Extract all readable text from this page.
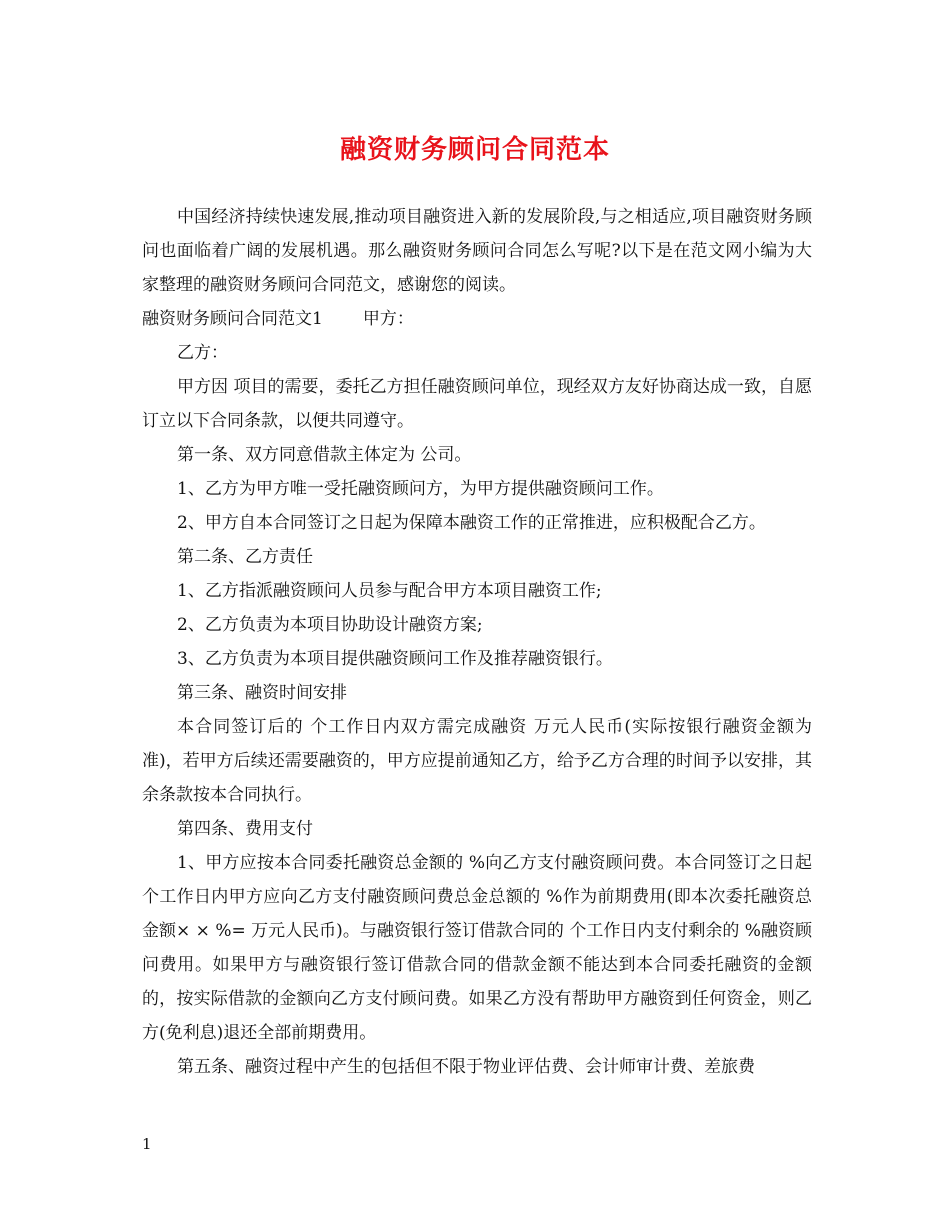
融资财务顾问合同范本

中国经济持续快速发展,推动项目融资进入新的发展阶段,与之相适应,项目融资财务顾问也面临着广阔的发展机遇。那么融资财务顾问合同怎么写呢?以下是在范文网小编为大家整理的融资财务顾问合同范文，感谢您的阅读。

融资财务顾问合同范文1 甲方：

乙方：

甲方因 项目的需要，委托乙方担任融资顾问单位，现经双方友好协商达成一致，自愿订立以下合同条款，以便共同遵守。

第一条、双方同意借款主体定为 公司。

1、乙方为甲方唯一受托融资顾问方，为甲方提供融资顾问工作。

2、甲方自本合同签订之日起为保障本融资工作的正常推进，应积极配合乙方。

第二条、乙方责任

1、乙方指派融资顾问人员参与配合甲方本项目融资工作;

2、乙方负责为本项目协助设计融资方案;

3、乙方负责为本项目提供融资顾问工作及推荐融资银行。

第三条、融资时间安排

本合同签订后的 个工作日内双方需完成融资 万元人民币(实际按银行融资金额为准)，若甲方后续还需要融资的，甲方应提前通知乙方，给予乙方合理的时间予以安排，其余条款按本合同执行。

第四条、费用支付

1、甲方应按本合同委托融资总金额的 %向乙方支付融资顾问费。本合同签订之日起 个工作日内甲方应向乙方支付融资顾问费总金总额的 %作为前期费用(即本次委托融资总金额× × %= 万元人民币)。与融资银行签订借款合同的 个工作日内支付剩余的 %融资顾问费用。如果甲方与融资银行签订借款合同的借款金额不能达到本合同委托融资的金额的，按实际借款的金额向乙方支付顾问费。如果乙方没有帮助甲方融资到任何资金，则乙方(免利息)退还全部前期费用。

第五条、融资过程中产生的包括但不限于物业评估费、会计师审计费、差旅费

1
